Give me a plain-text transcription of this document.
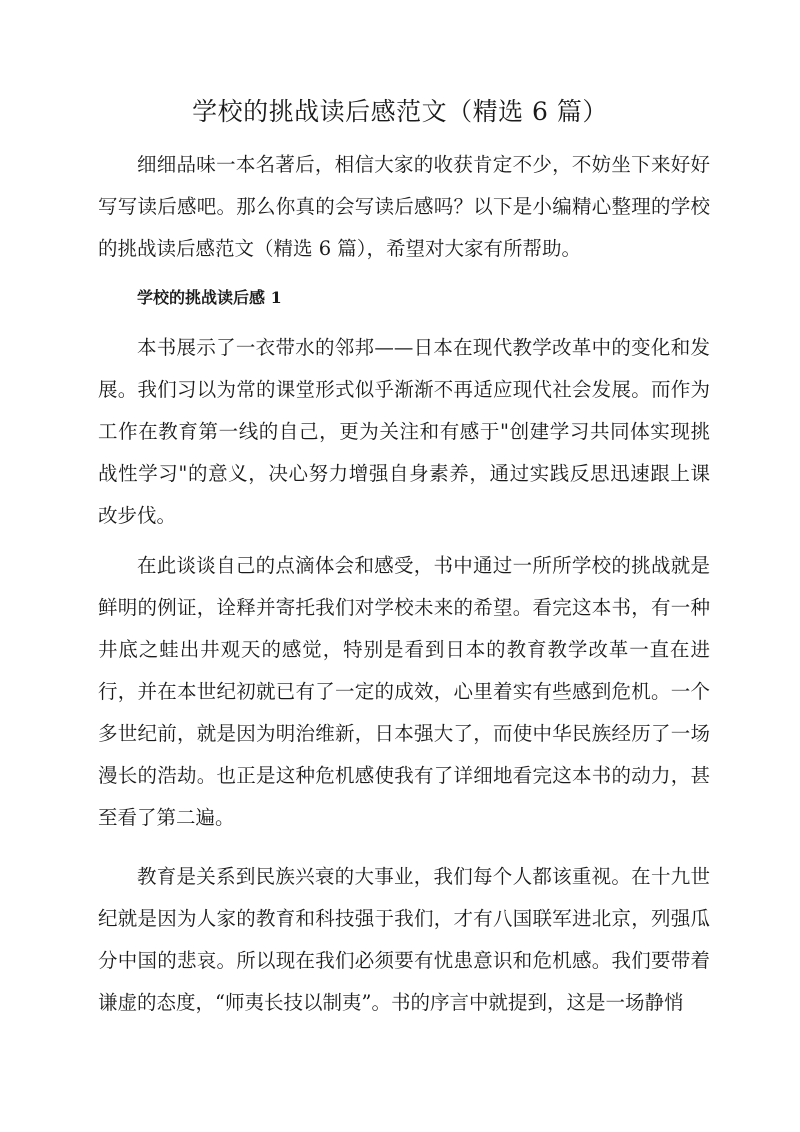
学校的挑战读后感范文（精选 6 篇）

细细品味一本名著后，相信大家的收获肯定不少，不妨坐下来好好写写读后感吧。那么你真的会写读后感吗？以下是小编精心整理的学校的挑战读后感范文（精选 6 篇），希望对大家有所帮助。

学校的挑战读后感 1

本书展示了一衣带水的邻邦——日本在现代教学改革中的变化和发展。我们习以为常的课堂形式似乎渐渐不再适应现代社会发展。而作为工作在教育第一线的自己，更为关注和有感于"创建学习共同体实现挑战性学习"的意义，决心努力增强自身素养，通过实践反思迅速跟上课改步伐。

在此谈谈自己的点滴体会和感受，书中通过一所所学校的挑战就是鲜明的例证，诠释并寄托我们对学校未来的希望。看完这本书，有一种井底之蛙出井观天的感觉，特别是看到日本的教育教学改革一直在进行，并在本世纪初就已有了一定的成效，心里着实有些感到危机。一个多世纪前，就是因为明治维新，日本强大了，而使中华民族经历了一场漫长的浩劫。也正是这种危机感使我有了详细地看完这本书的动力，甚至看了第二遍。

教育是关系到民族兴衰的大事业，我们每个人都该重视。在十九世纪就是因为人家的教育和科技强于我们，才有八国联军进北京，列强瓜分中国的悲哀。所以现在我们必须要有忧患意识和危机感。我们要带着谦虚的态度，“师夷长技以制夷”。书的序言中就提到，这是一场静悄
